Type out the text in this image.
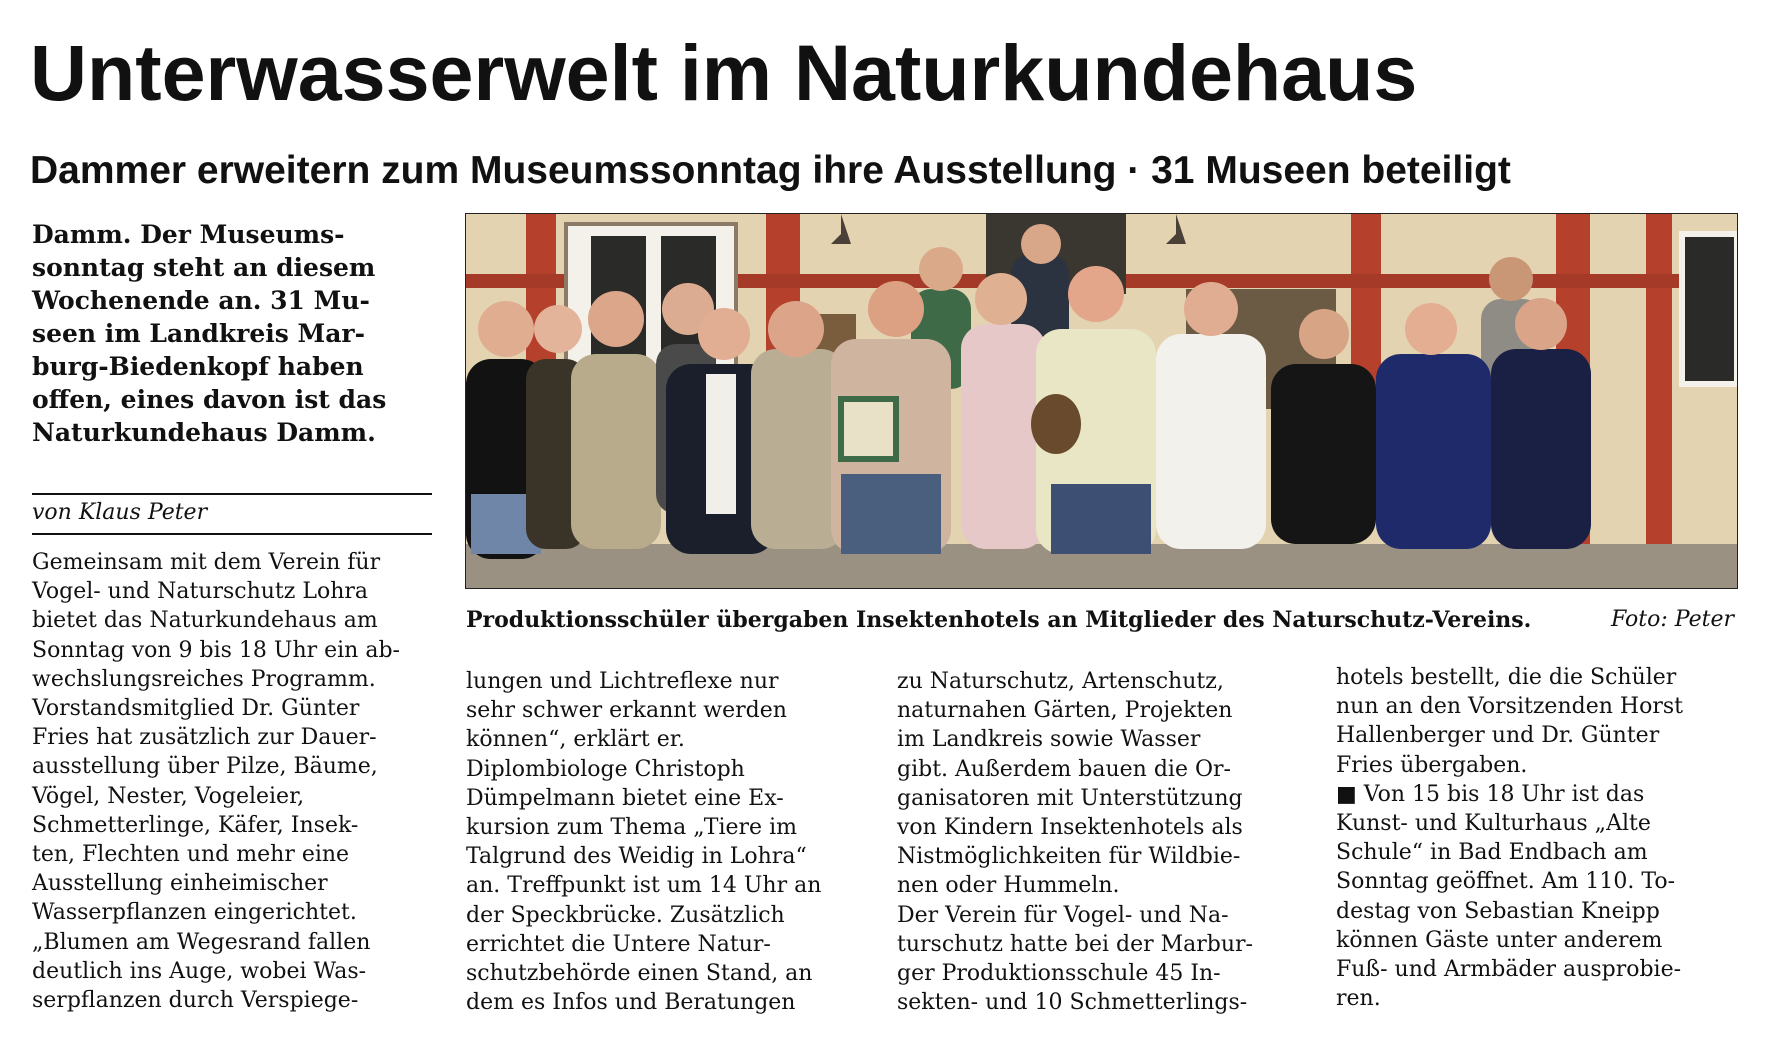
Unterwasserwelt im Naturkundehaus
Dammer erweitern zum Museumssonntag ihre Ausstellung · 31 Museen beteiligt
Damm. Der Museums-
sonntag steht an diesem
Wochenende an. 31 Mu-
seen im Landkreis Mar-
burg-Biedenkopf haben
offen, eines davon ist das
Naturkundehaus Damm.
von Klaus Peter
Produktionsschüler übergaben Insektenhotels an Mitglieder des Naturschutz-Vereins.	Foto: Peter
Gemeinsam mit dem Verein für
Vogel- und Naturschutz Lohra
bietet das Naturkundehaus am
Sonntag von 9 bis 18 Uhr ein ab-
wechslungsreiches Programm.
Vorstandsmitglied Dr. Günter
Fries hat zusätzlich zur Dauer-
ausstellung über Pilze, Bäume,
Vögel, Nester, Vogeleier,
Schmetterlinge, Käfer, Insek-
ten, Flechten und mehr eine
Ausstellung einheimischer
Wasserpflanzen eingerichtet.
„Blumen am Wegesrand fallen
deutlich ins Auge, wobei Was-
serpflanzen durch Verspiege-
lungen und Lichtreflexe nur
sehr schwer erkannt werden
können“, erklärt er.
Diplombiologe Christoph
Dümpelmann bietet eine Ex-
kursion zum Thema „Tiere im
Talgrund des Weidig in Lohra“
an. Treffpunkt ist um 14 Uhr an
der Speckbrücke. Zusätzlich
errichtet die Untere Natur-
schutzbehörde einen Stand, an
dem es Infos und Beratungen
zu Naturschutz, Artenschutz,
naturnahen Gärten, Projekten
im Landkreis sowie Wasser
gibt. Außerdem bauen die Or-
ganisatoren mit Unterstützung
von Kindern Insektenhotels als
Nistmöglichkeiten für Wildbie-
nen oder Hummeln.
Der Verein für Vogel- und Na-
turschutz hatte bei der Marbur-
ger Produktionsschule 45 In-
sekten- und 10 Schmetterlings-
hotels bestellt, die die Schüler
nun an den Vorsitzenden Horst
Hallenberger und Dr. Günter
Fries übergaben.
■ Von 15 bis 18 Uhr ist das
Kunst- und Kulturhaus „Alte
Schule“ in Bad Endbach am
Sonntag geöffnet. Am 110. To-
destag von Sebastian Kneipp
können Gäste unter anderem
Fuß- und Armbäder ausprobie-
ren.
